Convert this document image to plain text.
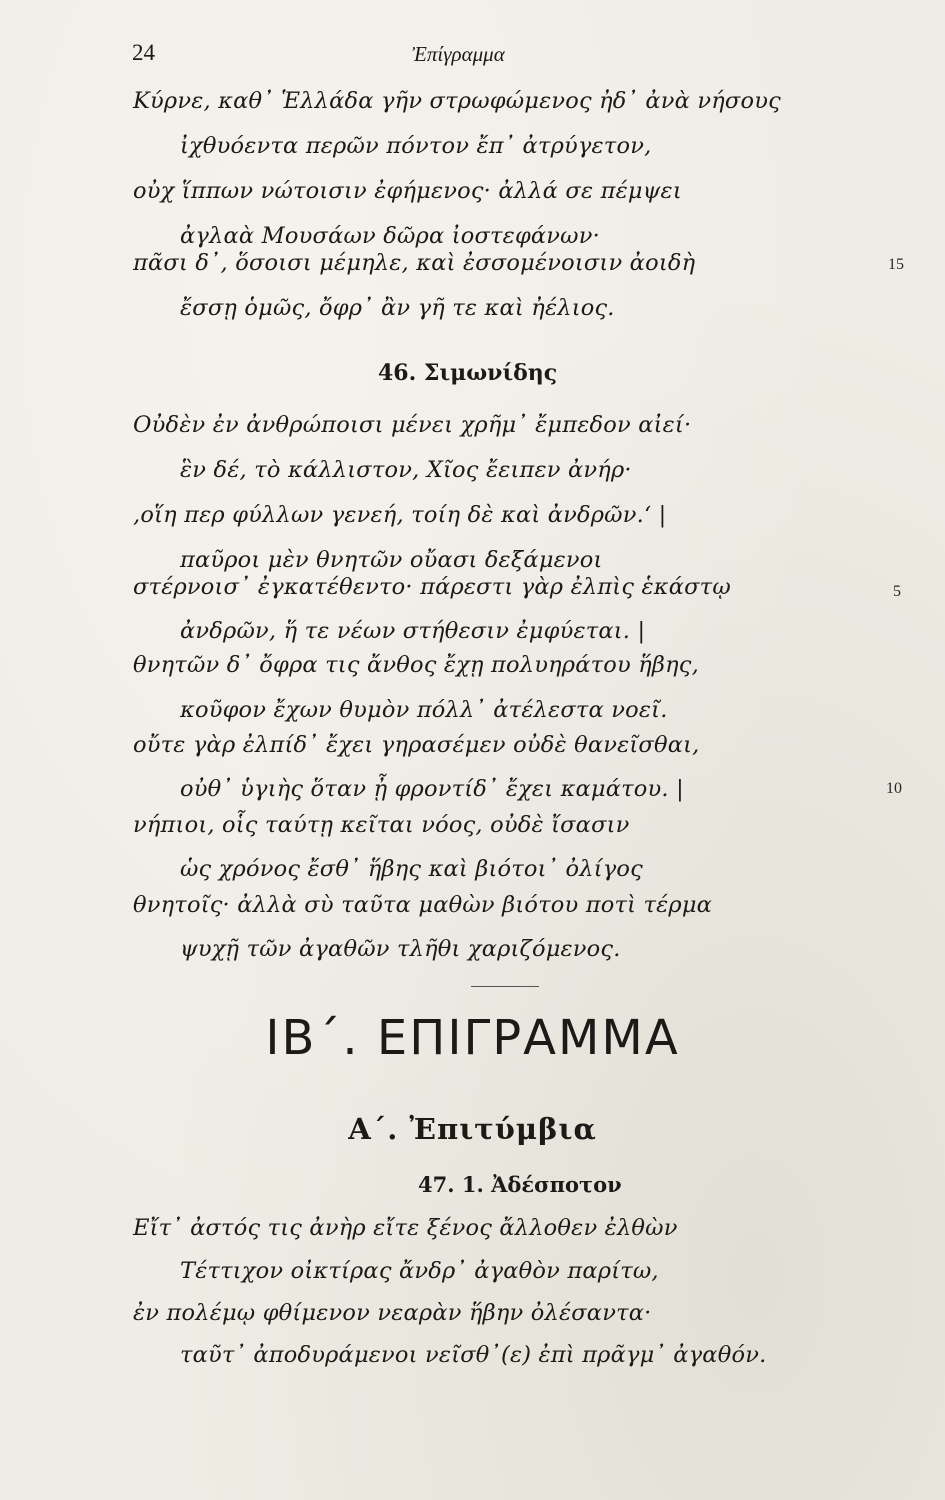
24	Ἐπίγραμμα
Κύρνε, καθ᾽ Ἑλλάδα γῆν στρωφώμενος ἠδ᾽ ἀνὰ νήσους
ἰχθυόεντα περῶν πόντον ἔπ᾽ ἀτρύγετον,
οὐχ ἵππων νώτοισιν ἐφήμενος· ἀλλά σε πέμψει
ἀγλαὰ Μουσάων δῶρα ἰοστεφάνων·
πᾶσι δ᾽, ὅσοισι μέμηλε, καὶ ἐσσομένοισιν ἀοιδὴ	15
ἔσσῃ ὁμῶς, ὄφρ᾽ ἂν γῆ τε καὶ ἠέλιος.
46. Σιμωνίδης
Οὐδὲν ἐν ἀνθρώποισι μένει χρῆμ᾽ ἔμπεδον αἰεί·
ἓν δέ, τὸ κάλλιστον, Χῖος ἔειπεν ἀνήρ·
,οἵη περ φύλλων γενεή, τοίη δὲ καὶ ἀνδρῶν.‘ |
παῦροι μὲν θνητῶν οὔασι δεξάμενοι
στέρνοισ᾽ ἐγκατέθεντο· πάρεστι γὰρ ἐλπὶς ἑκάστῳ	5
ἀνδρῶν, ἥ τε νέων στήθεσιν ἐμφύεται. |
θνητῶν δ᾽ ὄφρα τις ἄνθος ἔχῃ πολυηράτου ἥβης,
κοῦφον ἔχων θυμὸν πόλλ᾽ ἀτέλεστα νοεῖ.
οὔτε γὰρ ἐλπίδ᾽ ἔχει γηρασέμεν οὐδὲ θανεῖσθαι,
οὐθ᾽ ὑγιὴς ὅταν ᾖ φροντίδ᾽ ἔχει καμάτου. |	10
νήπιοι, οἷς ταύτῃ κεῖται νόος, οὐδὲ ἴσασιν
ὡς χρόνος ἔσθ᾽ ἥβης καὶ βιότοι᾽ ὀλίγος
θνητοῖς· ἀλλὰ σὺ ταῦτα μαθὼν βιότου ποτὶ τέρμα
ψυχῇ τῶν ἀγαθῶν τλῆθι χαριζόμενος.
ΙΒ΄. ΕΠΙΓΡΑΜΜΑ
Α΄. Ἐπιτύμβια
47. 1. Ἀδέσποτον
Εἴτ᾽ ἀστός τις ἀνὴρ εἴτε ξένος ἄλλοθεν ἐλθὼν
Τέττιχον οἰκτίρας ἄνδρ᾽ ἀγαθὸν παρίτω,
ἐν πολέμῳ φθίμενον νεαρὰν ἥβην ὀλέσαντα·
ταῦτ᾽ ἀποδυράμενοι νεῖσθ᾽(ε) ἐπὶ πρᾶγμ᾽ ἀγαθόν.
